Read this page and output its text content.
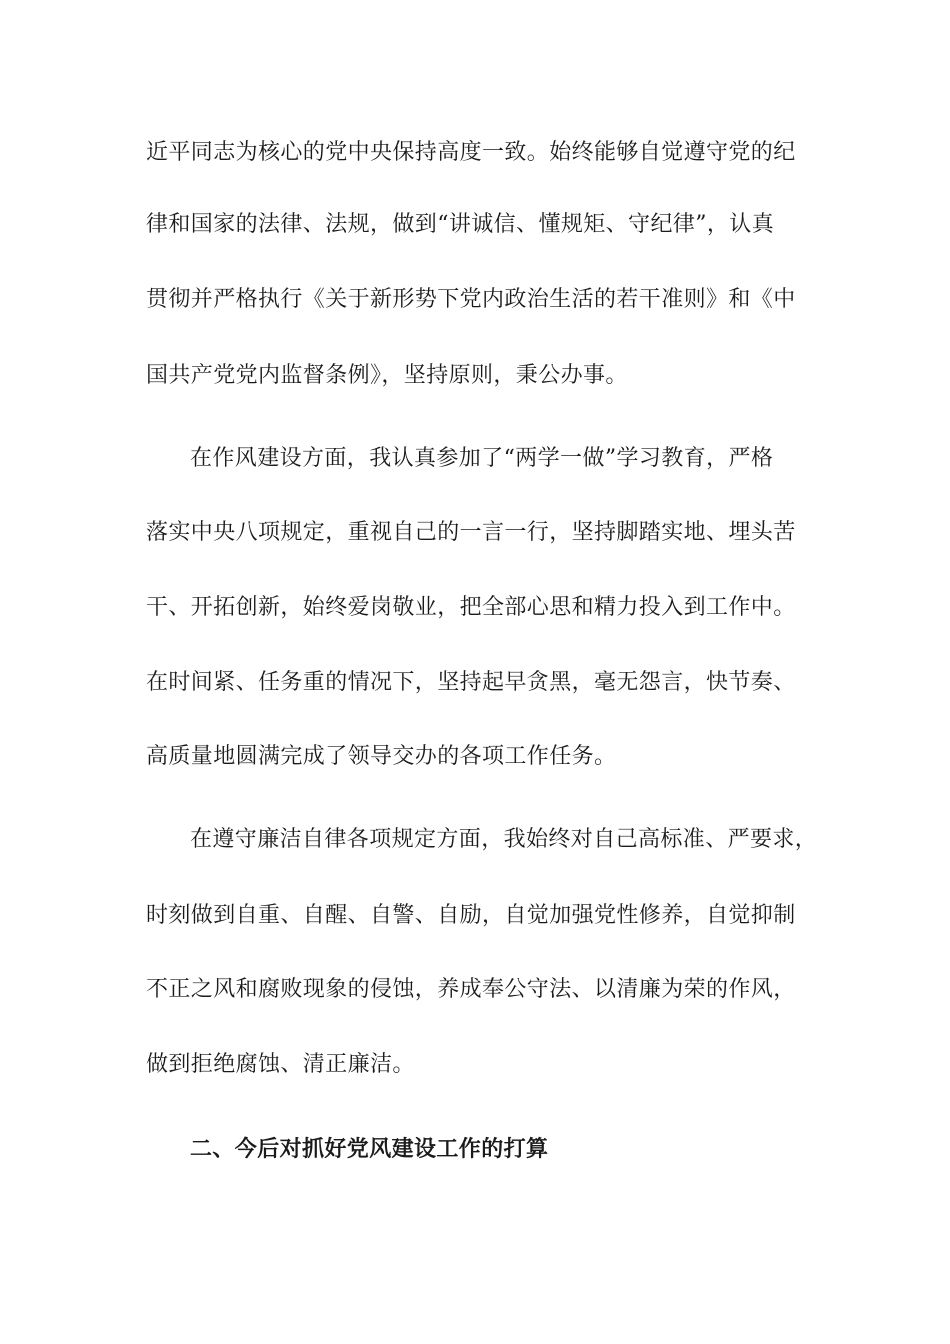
近平同志为核心的党中央保持高度一致。始终能够自觉遵守党的纪
律和国家的法律、法规，做到“讲诚信、懂规矩、守纪律”，认真
贯彻并严格执行《关于新形势下党内政治生活的若干准则》和《中
国共产党党内监督条例》，坚持原则，秉公办事。
在作风建设方面，我认真参加了“两学一做”学习教育，严格
落实中央八项规定，重视自己的一言一行，坚持脚踏实地、埋头苦
干、开拓创新，始终爱岗敬业，把全部心思和精力投入到工作中。
在时间紧、任务重的情况下，坚持起早贪黑，毫无怨言，快节奏、
高质量地圆满完成了领导交办的各项工作任务。
在遵守廉洁自律各项规定方面，我始终对自己高标准、严要求，
时刻做到自重、自醒、自警、自励，自觉加强党性修养，自觉抑制
不正之风和腐败现象的侵蚀，养成奉公守法、以清廉为荣的作风，
做到拒绝腐蚀、清正廉洁。
二、今后对抓好党风建设工作的打算
